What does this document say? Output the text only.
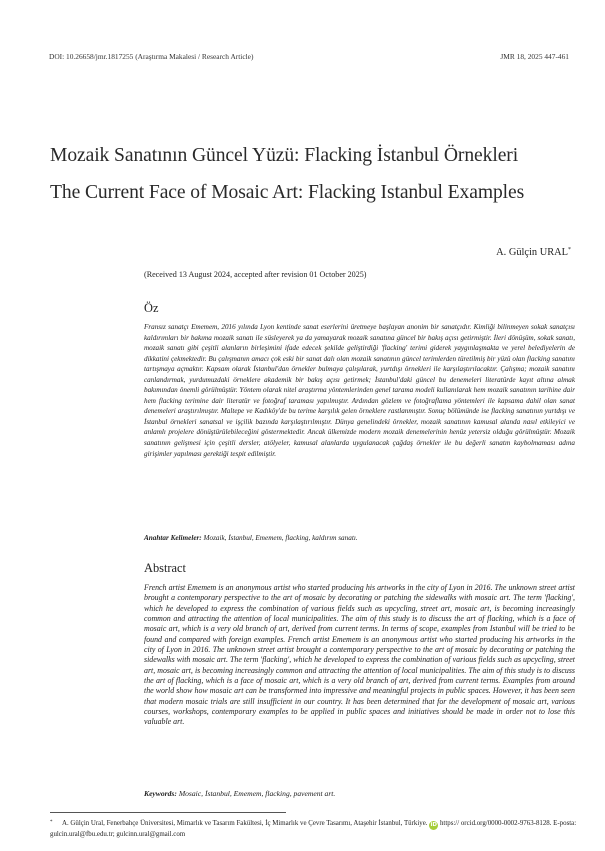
DOI: 10.26658/jmr.1817255 (Araştırma Makalesi / Research Article)	JMR 18, 2025 447-461
Mozaik Sanatının Güncel Yüzü: Flacking İstanbul Örnekleri
The Current Face of Mosaic Art: Flacking Istanbul Examples
A. Gülçin URAL*
(Received 13 August 2024, accepted after revision 01 October 2025)
Öz
Fransız sanatçı Ememem, 2016 yılında Lyon kentinde sanat eserlerini üretmeye başlayan anonim bir sanatçıdır. Kimliği bilinmeyen sokak sanatçısı kaldırımları bir bakıma mozaik sanatı ile süsleyerek ya da yamayarak mozaik sanatına güncel bir bakış açısı getirmiştir. İleri dönüşüm, sokak sanatı, mozaik sanatı gibi çeşitli alanların birleşimini ifade edecek şekilde geliştirdiği 'flacking' terimi giderek yaygınlaşmakta ve yerel belediyelerin de dikkatini çekmektedir. Bu çalışmanın amacı çok eski bir sanat dalı olan mozaik sanatının güncel terimlerden türetilmiş bir yüzü olan flacking sanatını tartışmaya açmaktır. Kapsam olarak İstanbul'dan örnekler bulmaya çalışılarak, yurtdışı örnekleri ile karşılaştırılacaktır. Çalışma; mozaik sanatını canlandırmak, yurdumuzdaki örneklere akademik bir bakış açısı getirmek; İstanbul'daki güncel bu denemeleri literatürde kayıt altına almak bakımından önemli görülmüştür. Yöntem olarak nitel araştırma yöntemlerinden genel tarama modeli kullanılarak hem mozaik sanatının tarihine dair hem flacking terimine dair literatür ve fotoğraf taraması yapılmıştır. Ardından gözlem ve fotoğraflama yöntemleri ile kapsama dahil olan sanat denemeleri araştırılmıştır. Maltepe ve Kadıköy'de bu terime karşılık gelen örneklere rastlanmıştır. Sonuç bölümünde ise flacking sanatının yurtdışı ve İstanbul örnekleri sanatsal ve işçilik bazında karşılaştırılmıştır. Dünya genelindeki örnekler, mozaik sanatının kamusal alanda nasıl etkileyici ve anlamlı projelere dönüştürülebileceğini göstermektedir. Ancak ülkemizde modern mozaik denemelerinin henüz yetersiz olduğu görülmüştür. Mozaik sanatının gelişmesi için çeşitli dersler, atölyeler, kamusal alanlarda uygulanacak çağdaş örnekler ile bu değerli sanatın kaybolmaması adına girişimler yapılması gerektiği tespit edilmiştir.
Anahtar Kelimeler: Mozaik, İstanbul, Ememem, flacking, kaldırım sanatı.
Abstract
French artist Ememem is an anonymous artist who started producing his artworks in the city of Lyon in 2016. The unknown street artist brought a contemporary perspective to the art of mosaic by decorating or patching the sidewalks with mosaic art. The term 'flacking', which he developed to express the combination of various fields such as upcycling, street art, mosaic art, is becoming increasingly common and attracting the attention of local municipalities. The aim of this study is to discuss the art of flacking, which is a face of mosaic art, which is a very old branch of art, derived from current terms. In terms of scope, examples from Istanbul will be tried to be found and compared with foreign examples. French artist Ememem is an anonymous artist who started producing his artworks in the city of Lyon in 2016. The unknown street artist brought a contemporary perspective to the art of mosaic by decorating or patching the sidewalks with mosaic art. The term 'flacking', which he developed to express the combination of various fields such as upcycling, street art, mosaic art, is becoming increasingly common and attracting the attention of local municipalities. The aim of this study is to discuss the art of flacking, which is a face of mosaic art, which is a very old branch of art, derived from current terms. Examples from around the world show how mosaic art can be transformed into impressive and meaningful projects in public spaces. However, it has been seen that modern mosaic trials are still insufficient in our country. It has been determined that for the development of mosaic art, various courses, workshops, contemporary examples to be applied in public spaces and initiatives should be made in order not to lose this valuable art.
Keywords: Mosaic, İstanbul, Ememem, flacking, pavement art.
* A. Gülçin Ural, Fenerbahçe Üniversitesi, Mimarlık ve Tasarım Fakültesi, İç Mimarlık ve Çevre Tasarımı, Ataşehir İstanbul, Türkiye. iD https:// orcid.org/0000-0002-9763-8128. E-posta: gulcin.ural@fbu.edu.tr; gulcinn.ural@gmail.com
